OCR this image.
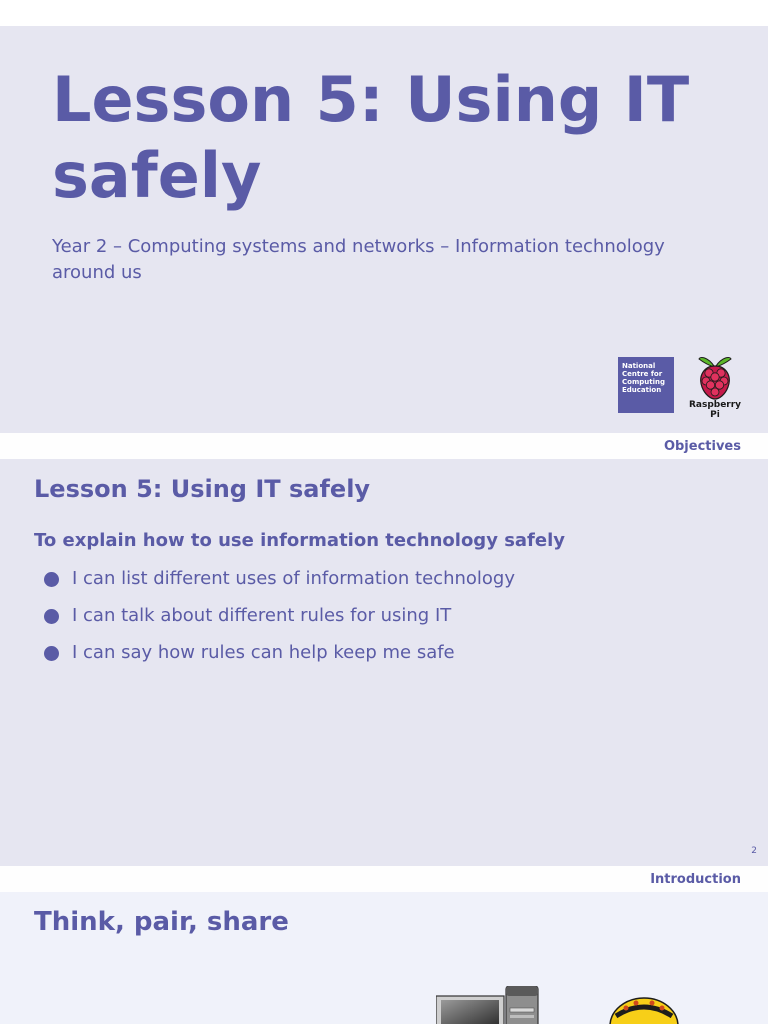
Lesson 5: Using IT safely

Year 2 – Computing systems and networks – Information technology around us

National
Centre for
Computing
Education
Raspberry Pi
Objectives
Lesson 5: Using IT safely

To explain how to use information technology safely

I can list different uses of information technology
I can talk about different rules for using IT
I can say how rules can help keep me safe
2
Introduction
Think, pair, share
